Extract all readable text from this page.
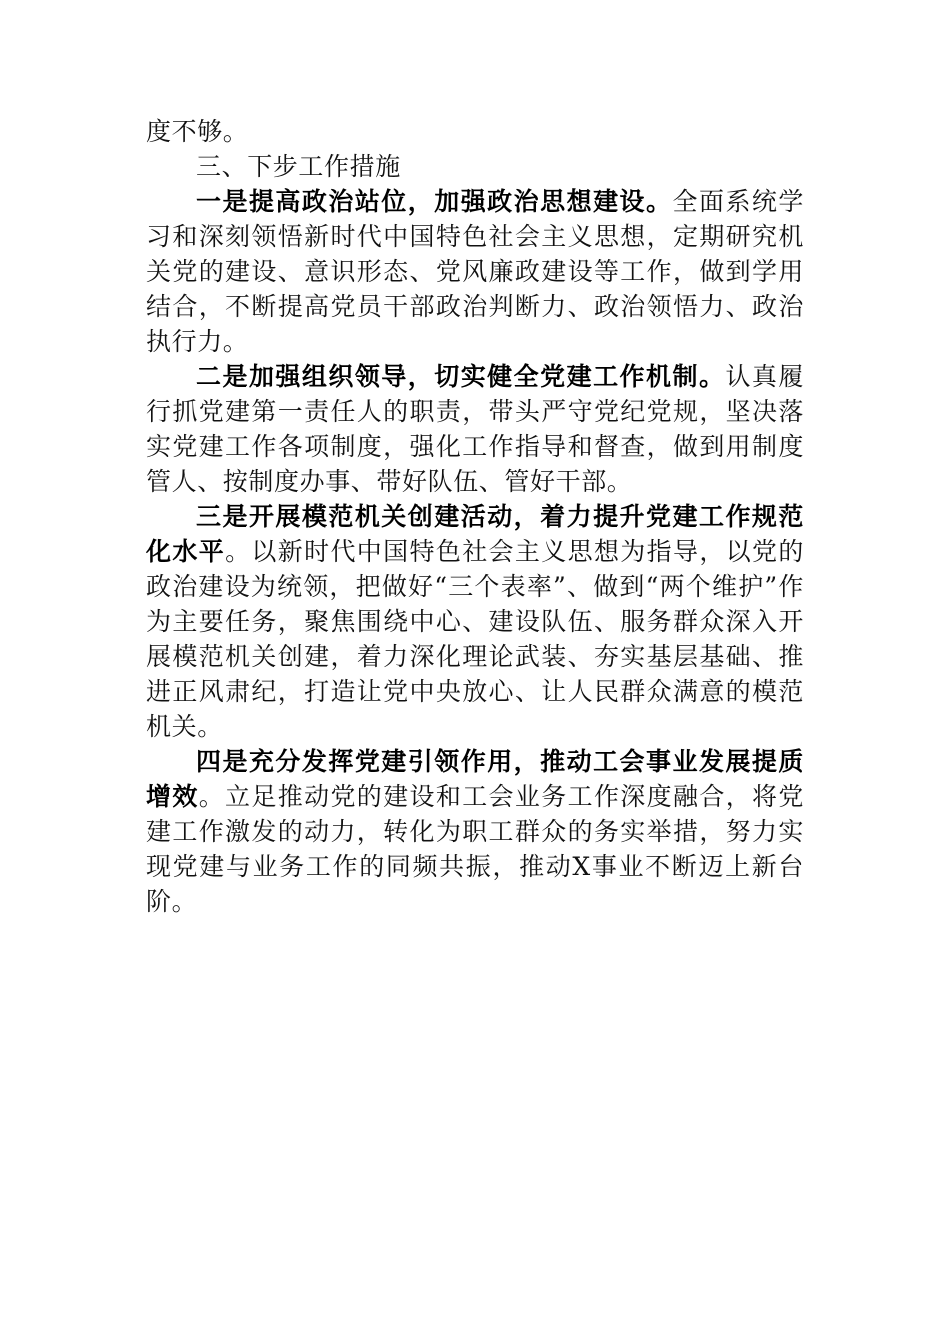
度不够。

三、下步工作措施

一是提高政治站位，加强政治思想建设。全面系统学习和深刻领悟新时代中国特色社会主义思想，定期研究机关党的建设、意识形态、党风廉政建设等工作，做到学用结合，不断提高党员干部政治判断力、政治领悟力、政治执行力。

二是加强组织领导，切实健全党建工作机制。认真履行抓党建第一责任人的职责，带头严守党纪党规，坚决落实党建工作各项制度，强化工作指导和督查，做到用制度管人、按制度办事、带好队伍、管好干部。

三是开展模范机关创建活动，着力提升党建工作规范化水平。以新时代中国特色社会主义思想为指导，以党的政治建设为统领，把做好“三个表率”、做到“两个维护”作为主要任务，聚焦围绕中心、建设队伍、服务群众深入开展模范机关创建，着力深化理论武装、夯实基层基础、推进正风肃纪，打造让党中央放心、让人民群众满意的模范机关。

四是充分发挥党建引领作用，推动工会事业发展提质增效。立足推动党的建设和工会业务工作深度融合，将党建工作激发的动力，转化为职工群众的务实举措，努力实现党建与业务工作的同频共振，推动X事业不断迈上新台阶。
